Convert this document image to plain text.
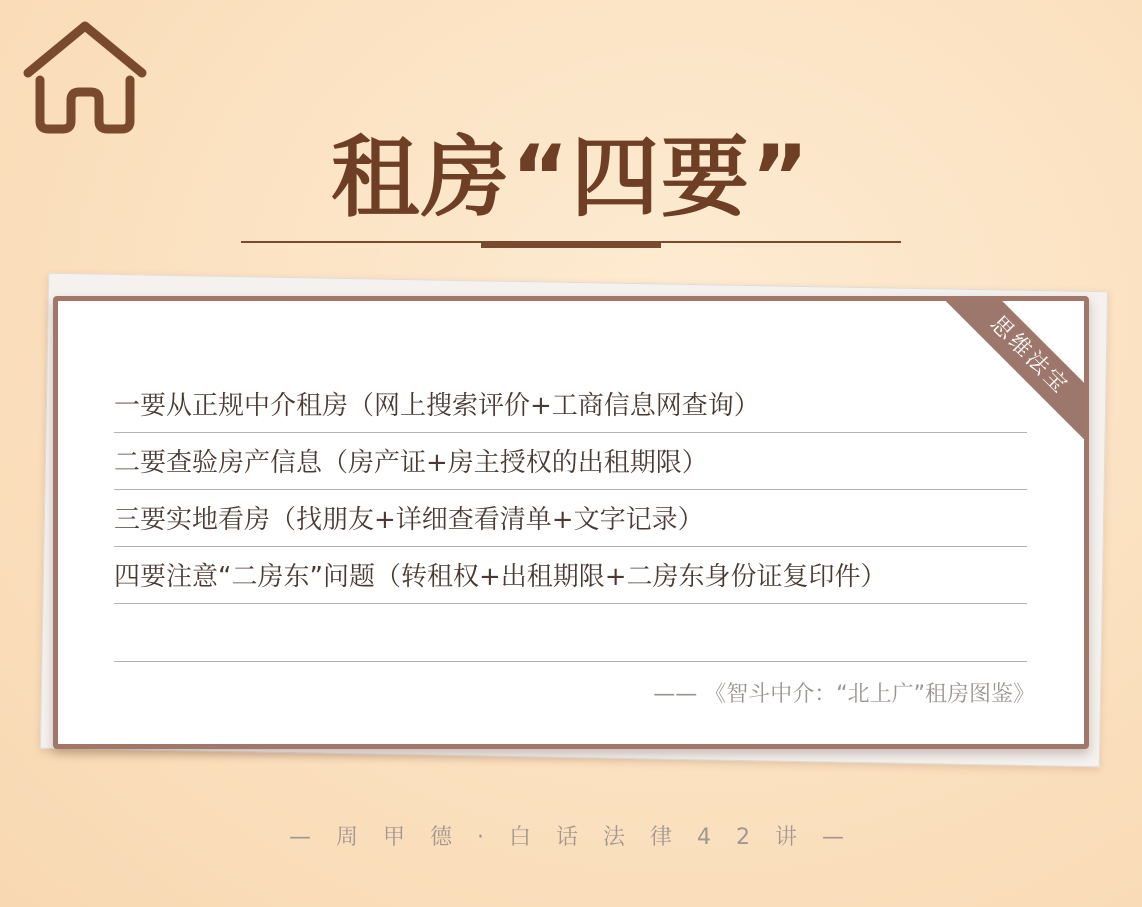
租房“四要”
思维法宝
一要从正规中介租房（网上搜索评价+工商信息网查询）
二要查验房产信息（房产证+房主授权的出租期限）
三要实地看房（找朋友+详细查看清单+文字记录）
四要注意“二房东”问题（转租权+出租期限+二房东身份证复印件）
—— 《智斗中介：“北上广”租房图鉴》
— 周 甲 德 · 白 话 法 律 4 2 讲 —
